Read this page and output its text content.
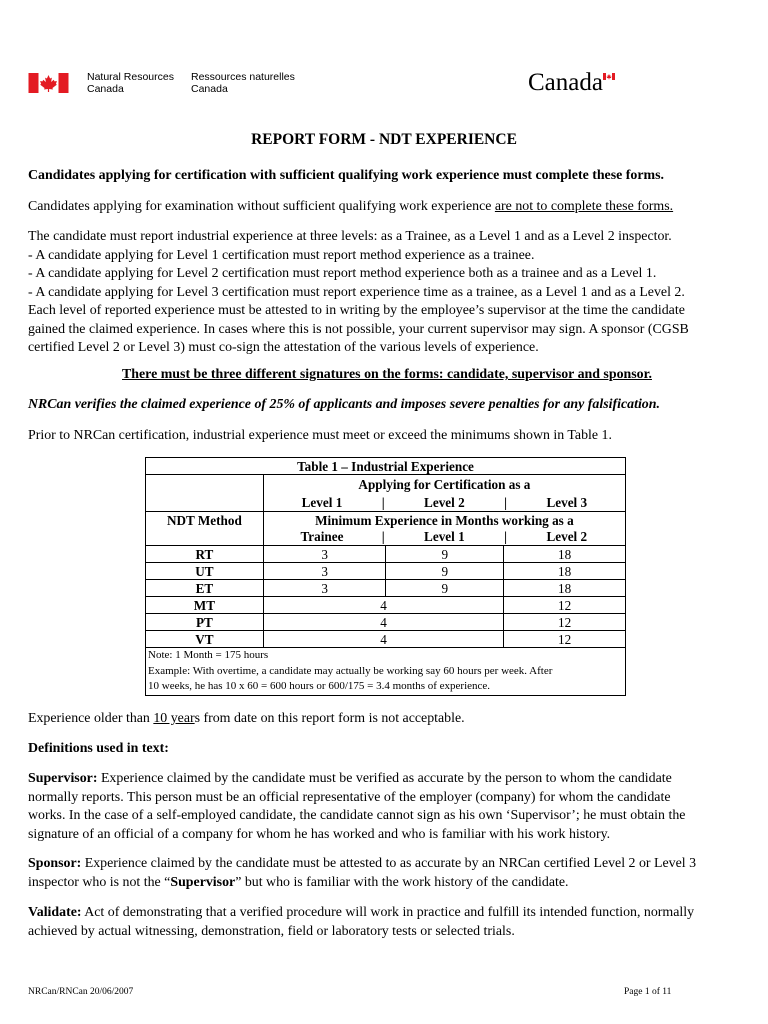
Natural Resources
Canada
Ressources naturelles
Canada	Canada
REPORT FORM - NDT EXPERIENCE
Candidates applying for certification with sufficient qualifying work experience must complete these forms.
Candidates applying for examination without sufficient qualifying work experience are not to complete these forms.
The candidate must report industrial experience at three levels: as a Trainee, as a Level 1 and as a Level 2 inspector.
- A candidate applying for Level 1 certification must report method experience as a trainee.
- A candidate applying for Level 2 certification must report method experience both as a trainee and as a Level 1.
- A candidate applying for Level 3 certification must report experience time as a trainee, as a Level 1 and as a Level 2.
Each level of reported experience must be attested to in writing by the employee’s supervisor at the time the candidate
gained the claimed experience. In cases where this is not possible, your current supervisor may sign. A sponsor (CGSB
certified Level 2 or Level 3) must co-sign the attestation of the various levels of experience.
There must be three different signatures on the forms: candidate, supervisor and sponsor.
NRCan verifies the claimed experience of 25% of applicants and imposes severe penalties for any falsification.
Prior to NRCan certification, industrial experience must meet or exceed the minimums shown in Table 1.
Table 1 – Industrial Experience			
	Applying for Certification as a		

	Level 1 | Level 2 | Level 3		

NDT Method	Minimum Experience in Months working as a		

	Trainee | Level 1 | Level 2		

RT	3	9	18
UT	3	9	18
ET	3	9	18
MT	4		12
PT	4		12
VT	4		12

Note: 1 Month = 175 hours
Example: With overtime, a candidate may actually be working say 60 hours per week. After
10 weeks, he has 10 x 60 = 600 hours or 600/175 = 3.4 months of experience.			
Experience older than 10 years from date on this report form is not acceptable.
Definitions used in text:
Supervisor: Experience claimed by the candidate must be verified as accurate by the person to whom the candidate
normally reports. This person must be an official representative of the employer (company) for whom the candidate
works. In the case of a self-employed candidate, the candidate cannot sign as his own ‘Supervisor’; he must obtain the
signature of an official of a company for whom he has worked and who is familiar with his work history.
Sponsor: Experience claimed by the candidate must be attested to as accurate by an NRCan certified Level 2 or Level 3
inspector who is not the “Supervisor” but who is familiar with the work history of the candidate.
Validate: Act of demonstrating that a verified procedure will work in practice and fulfill its intended function, normally
achieved by actual witnessing, demonstration, field or laboratory tests or selected trials.
NRCan/RNCan 20/06/2007	Page 1 of 11
